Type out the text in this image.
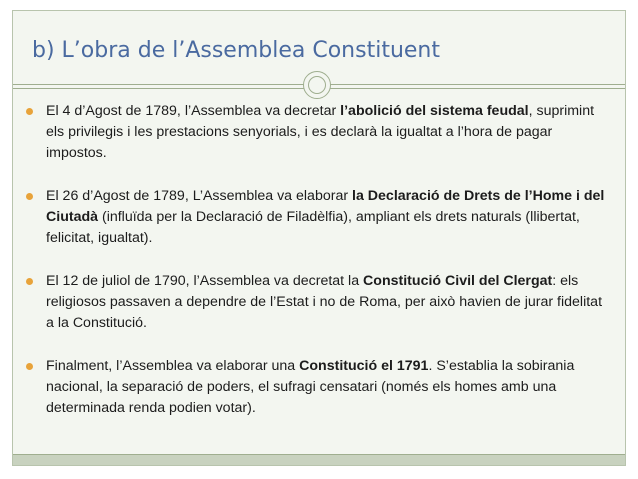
b) L’obra de l’Assemblea Constituent
El 4 d’Agost de 1789, l’Assemblea va decretar l’abolició del sistema feudal, suprimint els privilegis i les prestacions senyorials, i es declarà la igualtat a l’hora de pagar impostos.
El 26 d’Agost de 1789, L’Assemblea va elaborar la Declaració de Drets de l’Home i del Ciutadà (influïda per la Declaració de Filadèlfia), ampliant els drets naturals (llibertat, felicitat, igualtat).
El 12 de juliol de 1790, l’Assemblea va decretat la Constitució Civil del Clergat: els religiosos passaven a dependre de l’Estat i no de Roma, per això havien de jurar fidelitat a la Constitució.
Finalment, l’Assemblea va elaborar una Constitució el 1791. S’establia la sobirania nacional, la separació de poders, el sufragi censatari (només els homes amb una determinada renda podien votar).
